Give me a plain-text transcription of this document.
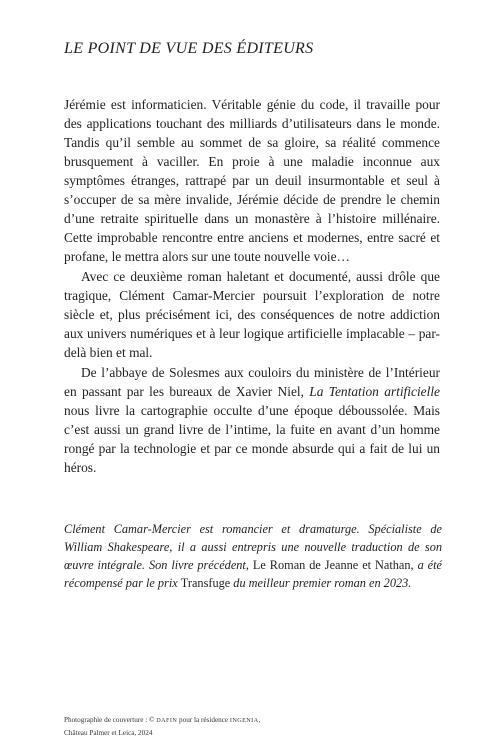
LE POINT DE VUE DES ÉDITEURS

Jérémie est informaticien. Véritable génie du code, il travaille pour des applications touchant des milliards d’utilisateurs dans le monde. Tandis qu’il semble au sommet de sa gloire, sa réalité commence brusquement à vaciller. En proie à une maladie inconnue aux symptômes étranges, rattrapé par un deuil insurmontable et seul à s’occuper de sa mère invalide, Jérémie décide de prendre le chemin d’une retraite spirituelle dans un monastère à l’histoire millénaire. Cette improbable rencontre entre anciens et modernes, entre sacré et profane, le mettra alors sur une toute nouvelle voie…

Avec ce deuxième roman haletant et documenté, aussi drôle que tragique, Clément Camar-Mercier poursuit l’exploration de notre siècle et, plus précisément ici, des conséquences de notre addiction aux univers numériques et à leur logique artificielle implacable – par-delà bien et mal.

De l’abbaye de Solesmes aux couloirs du ministère de l’Intérieur en passant par les bureaux de Xavier Niel, La Tentation artificielle nous livre la cartographie occulte d’une époque déboussolée. Mais c’est aussi un grand livre de l’intime, la fuite en avant d’un homme rongé par la technologie et par ce monde absurde qui a fait de lui un héros.

Clément Camar-Mercier est romancier et dramaturge. Spécialiste de William Shakespeare, il a aussi entrepris une nouvelle traduction de son œuvre intégrale. Son livre précédent, Le Roman de Jeanne et Nathan, a été récompensé par le prix Transfuge du meilleur premier roman en 2023.
Photographie de couverture : © DAFIN pour la résidence INGENIA,
Château Palmer et Leica, 2024
